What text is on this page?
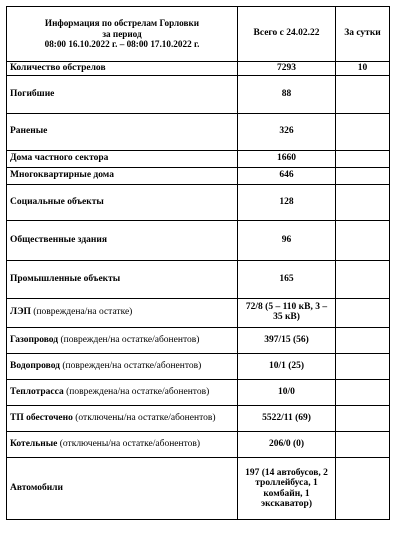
Информация по обстрелам Горловки
за период
08:00 16.10.2022 г. – 08:00 17.10.2022 г.	Всего с 24.02.22	За сутки
Количество обстрелов	7293	10
Погибшие	88	
Раненые	326	
Дома частного сектора	1660	
Многоквартирные дома	646	
Социальные объекты	128	
Общественные здания	96	
Промышленные объекты	165	
ЛЭП (повреждена/на остатке)	72/8 (5 – 110 кВ, 3 – 35 кВ)	
Газопровод (поврежден/на остатке/абонентов)	397/15 (56)	
Водопровод (поврежден/на остатке/абонентов)	10/1 (25)	
Теплотрасса (повреждена/на остатке/абонентов)	10/0	
ТП обесточено (отключены/на остатке/абонентов)	5522/11 (69)	
Котельные (отключены/на остатке/абонентов)	206/0 (0)	
Автомобили	197 (14 автобусов, 2 троллейбуса, 1 комбайн, 1 экскаватор)	
